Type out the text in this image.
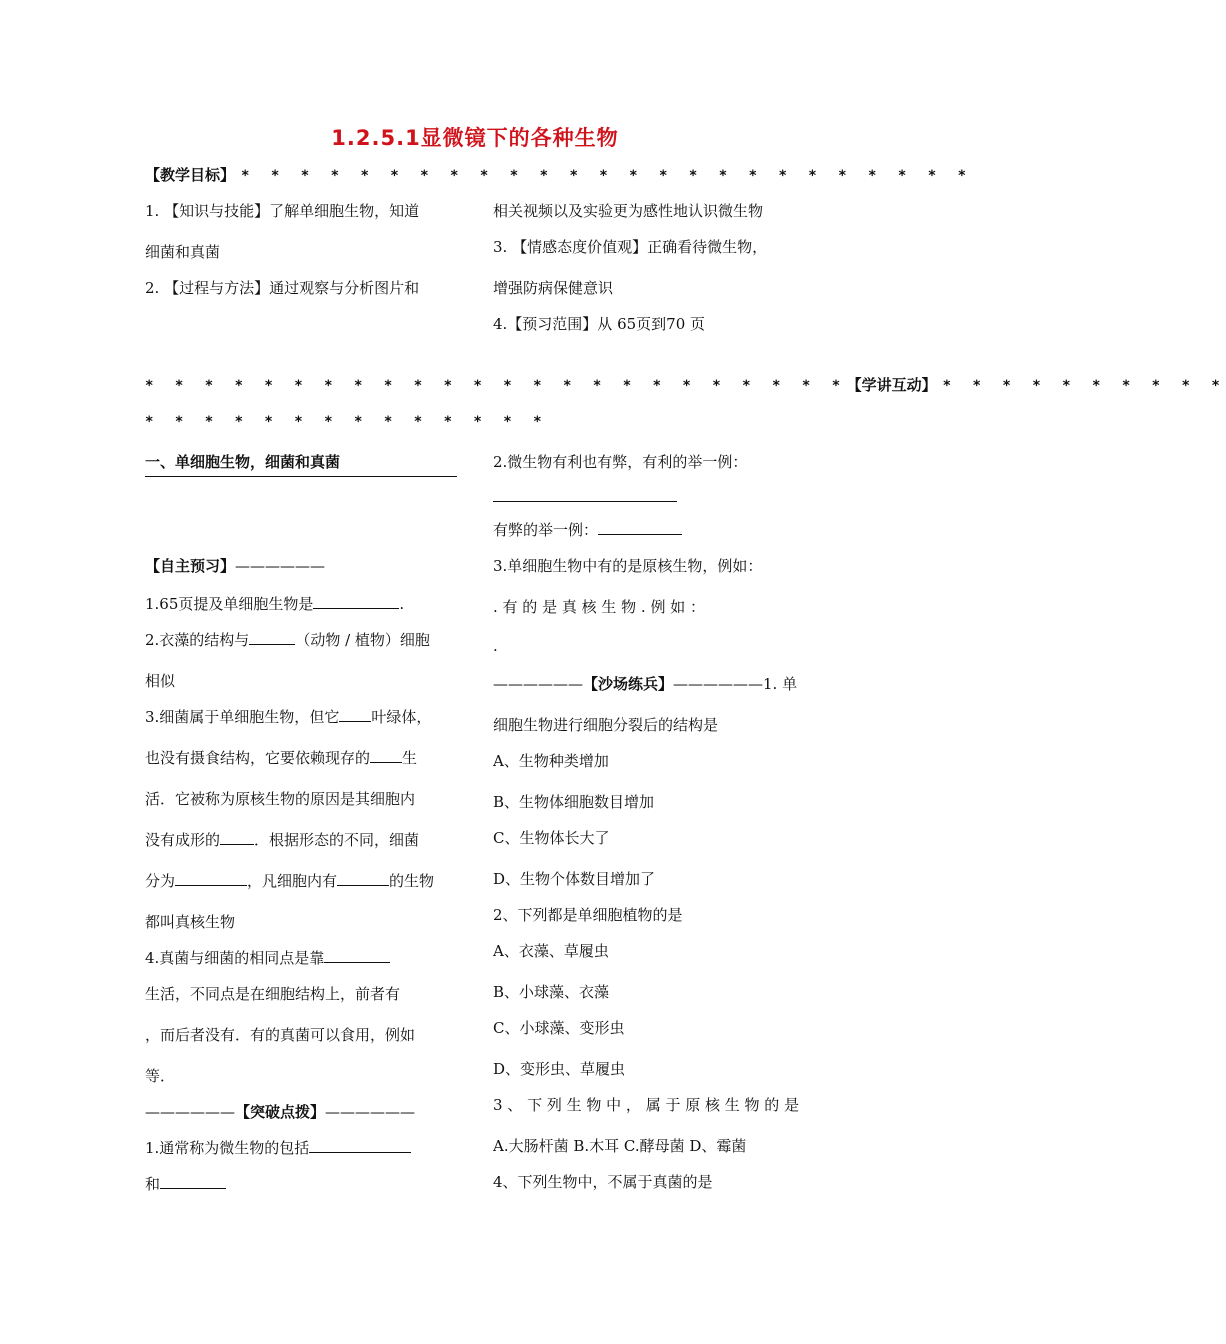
1.2.5.1显微镜下的各种生物
【教学目标】 * * * * * * * * * * * * * * * * * * * * * * * * *
1. 【知识与技能】了解单细胞生物，知道
细菌和真菌
2. 【过程与方法】通过观察与分析图片和
相关视频以及实验更为感性地认识微生物
3. 【情感态度价值观】正确看待微生物，
增强防病保健意识
4.【预习范围】从 65页到70 页
* * * * * * * * * * * * * * * * * * * * * * * *【学讲互动】 * * * * * * * * * *
* * * * * * * * * * * * * *
一、单细胞生物，细菌和真菌
【自主预习】——————
1.65页提及单细胞生物是	.
2.衣藻的结构与	（动物 / 植物）细胞
相似
3.细菌属于单细胞生物，但它 叶绿体，
也没有摄食结构，它要依赖现存的 生
活．它被称为原核生物的原因是其细胞内
没有成形的 ．根据形态的不同，细菌
分为	，凡细胞内有	的生物
都叫真核生物
4.真菌与细菌的相同点是靠
生活，不同点是在细胞结构上，前者有
，而后者没有．有的真菌可以食用，例如
等．
——————【突破点拨】——————
1.通常称为微生物的包括
和
2.微生物有利也有弊，有利的举一例：
有弊的举一例：
3.单细胞生物中有的是原核生物，例如：
. 有 的 是 真 核 生 物 . 例 如 ：
.
——————【沙场练兵】——————1. 单
细胞生物进行细胞分裂后的结构是
A、生物种类增加
B、生物体细胞数目增加
C、生物体长大了
D、生物个体数目增加了
2、下列都是单细胞植物的是
A、衣藻、草履虫
B、小球藻、衣藻
C、小球藻、变形虫
D、变形虫、草履虫
3 、 下 列 生 物 中 ， 属 于 原 核 生 物 的 是
A.大肠杆菌 B.木耳 C.酵母菌 D、霉菌
4、下列生物中，不属于真菌的是
